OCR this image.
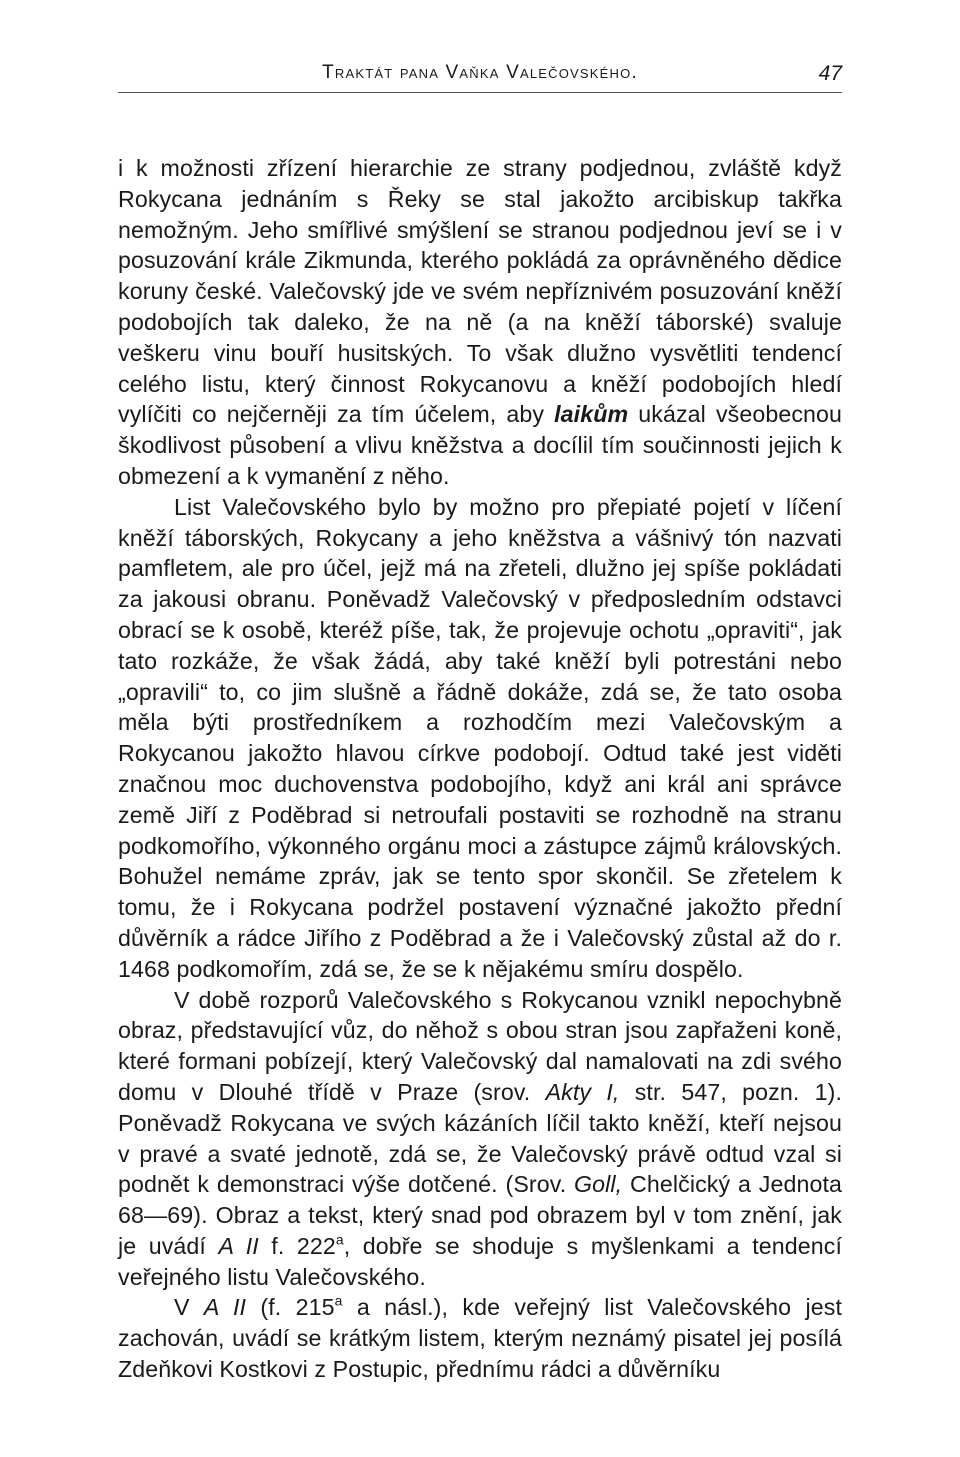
Traktát pana Vaňka Valečovského.	47

i k možnosti zřízení hierarchie ze strany podjednou, zvláště když Rokycana jednáním s Řeky se stal jakožto arcibiskup takřka nemožným. Jeho smířlivé smýšlení se stranou podjednou jeví se i v posuzování krále Zikmunda, kterého pokládá za oprávněného dědice koruny české. Valečovský jde ve svém nepříznivém posuzování kněží podobojích tak daleko, že na ně (a na kněží táborské) svaluje veškeru vinu bouří husitských. To však dlužno vysvětliti tendencí celého listu, který činnost Rokycanovu a kněží podobojích hledí vylíčiti co nejčerněji za tím účelem, aby laikům ukázal všeobecnou škodlivost působení a vlivu kněžstva a docílil tím součinnosti jejich k obmezení a k vymanění z něho.

List Valečovského bylo by možno pro přepiaté pojetí v líčení kněží táborských, Rokycany a jeho kněžstva a vášnivý tón nazvati pamfletem, ale pro účel, jejž má na zřeteli, dlužno jej spíše pokládati za jakousi obranu. Poněvadž Valečovský v předposledním odstavci obrací se k osobě, kteréž píše, tak, že projevuje ochotu „opraviti“, jak tato rozkáže, že však žádá, aby také kněží byli potrestáni nebo „opravili“ to, co jim slušně a řádně dokáže, zdá se, že tato osoba měla býti prostředníkem a rozhodčím mezi Valečovským a Rokycanou jakožto hlavou církve podobojí. Odtud také jest viděti značnou moc duchovenstva podobojího, když ani král ani správce země Jiří z Poděbrad si netroufali postaviti se rozhodně na stranu podkomořího, výkonného orgánu moci a zástupce zájmů královských. Bohužel nemáme zpráv, jak se tento spor skončil. Se zřetelem k tomu, že i Rokycana podržel postavení význačné jakožto přední důvěrník a rádce Jiřího z Poděbrad a že i Valečovský zůstal až do r. 1468 podkomořím, zdá se, že se k nějakému smíru dospělo.

V době rozporů Valečovského s Rokycanou vznikl nepochybně obraz, představující vůz, do něhož s obou stran jsou zapřaženi koně, které formani pobízejí, který Valečovský dal namalovati na zdi svého domu v Dlouhé třídě v Praze (srov. Akty I, str. 547, pozn. 1). Poněvadž Rokycana ve svých kázáních líčil takto kněží, kteří nejsou v pravé a svaté jednotě, zdá se, že Valečovský právě odtud vzal si podnět k demonstraci výše dotčené. (Srov. Goll, Chelčický a Jednota 68—69). Obraz a tekst, který snad pod obrazem byl v tom znění, jak je uvádí A II f. 222$^a$, dobře se shoduje s myšlenkami a tendencí veřejného listu Valečovského.

V A II (f. 215$^a$ a násl.), kde veřejný list Valečovského jest zachován, uvádí se krátkým listem, kterým neznámý pisatel jej posílá Zdeňkovi Kostkovi z Postupic, přednímu rádci a důvěrníku
